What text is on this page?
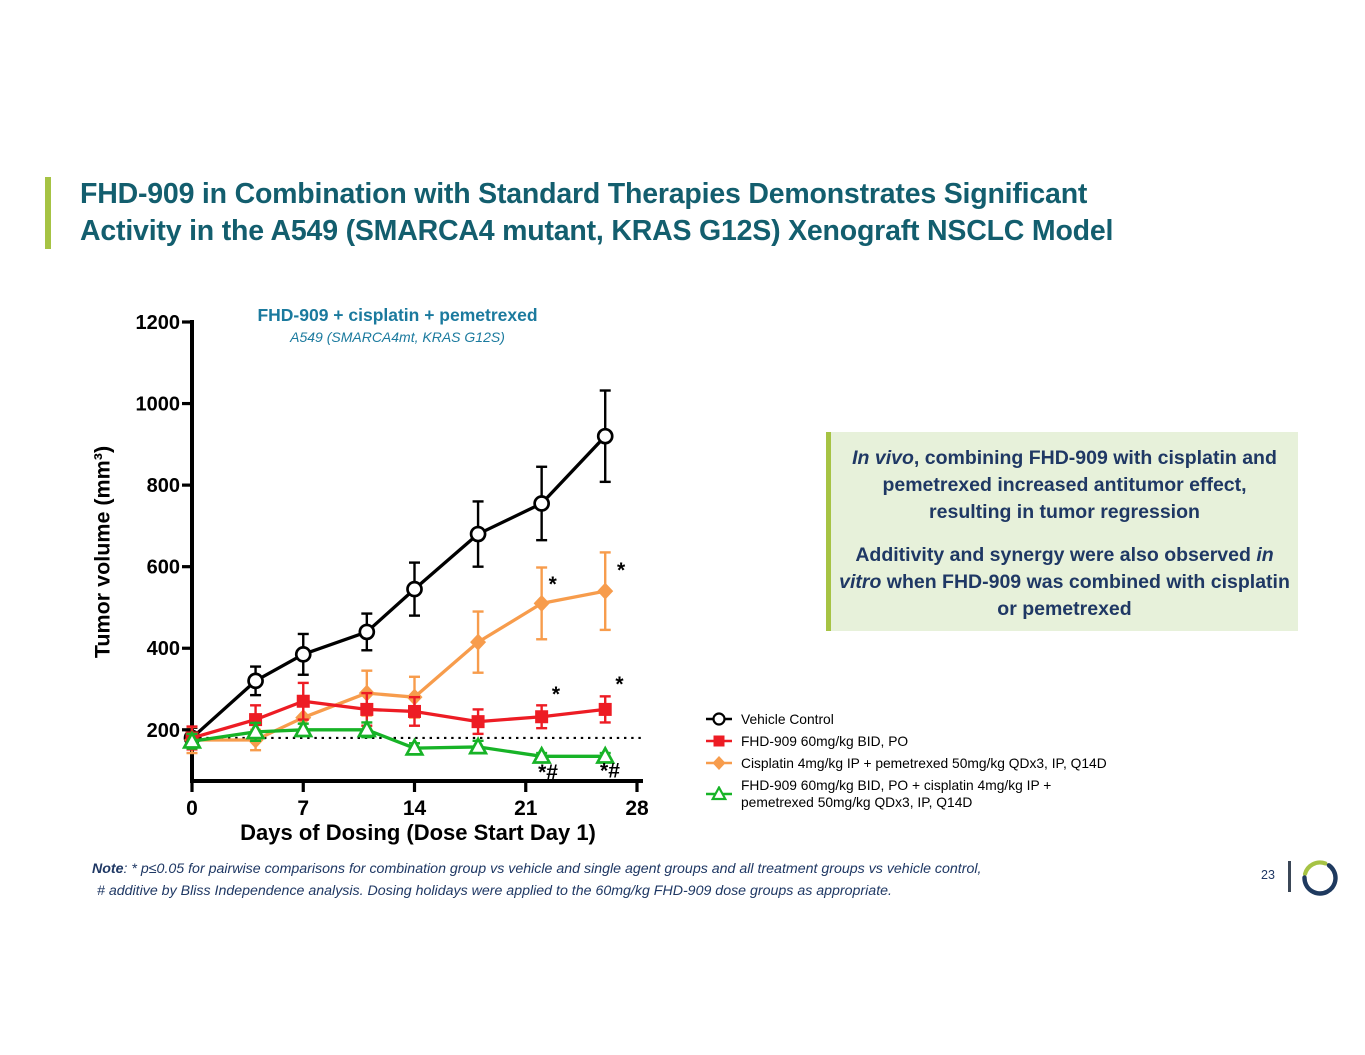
FHD-909 in Combination with Standard Therapies Demonstrates Significant
Activity in the A549 (SMARCA4 mutant, KRAS G12S) Xenograft NSCLC Model
FHD-909 + cisplatin + pemetrexed
A549 (SMARCA4mt, KRAS G12S)
Tumor volume (mm³)
Days of Dosing (Dose Start Day 1)
200
400
600
800
1000
1200
0	7	14	21	28
*
*
*	*
*# *#
Vehicle Control
FHD-909 60mg/kg BID, PO
Cisplatin 4mg/kg IP + pemetrexed 50mg/kg QDx3, IP, Q14D
FHD-909 60mg/kg BID, PO + cisplatin 4mg/kg IP +
pemetrexed 50mg/kg QDx3, IP, Q14D

In vivo, combining FHD-909 with cisplatin and pemetrexed increased antitumor effect, resulting in tumor regression

Additivity and synergy were also observed in vitro when FHD-909 was combined with cisplatin or pemetrexed

Note: * p≤0.05 for pairwise comparisons for combination group vs vehicle and single agent groups and all treatment groups vs vehicle control,
# additive by Bliss Independence analysis. Dosing holidays were applied to the 60mg/kg FHD-909 dose groups as appropriate.
23
